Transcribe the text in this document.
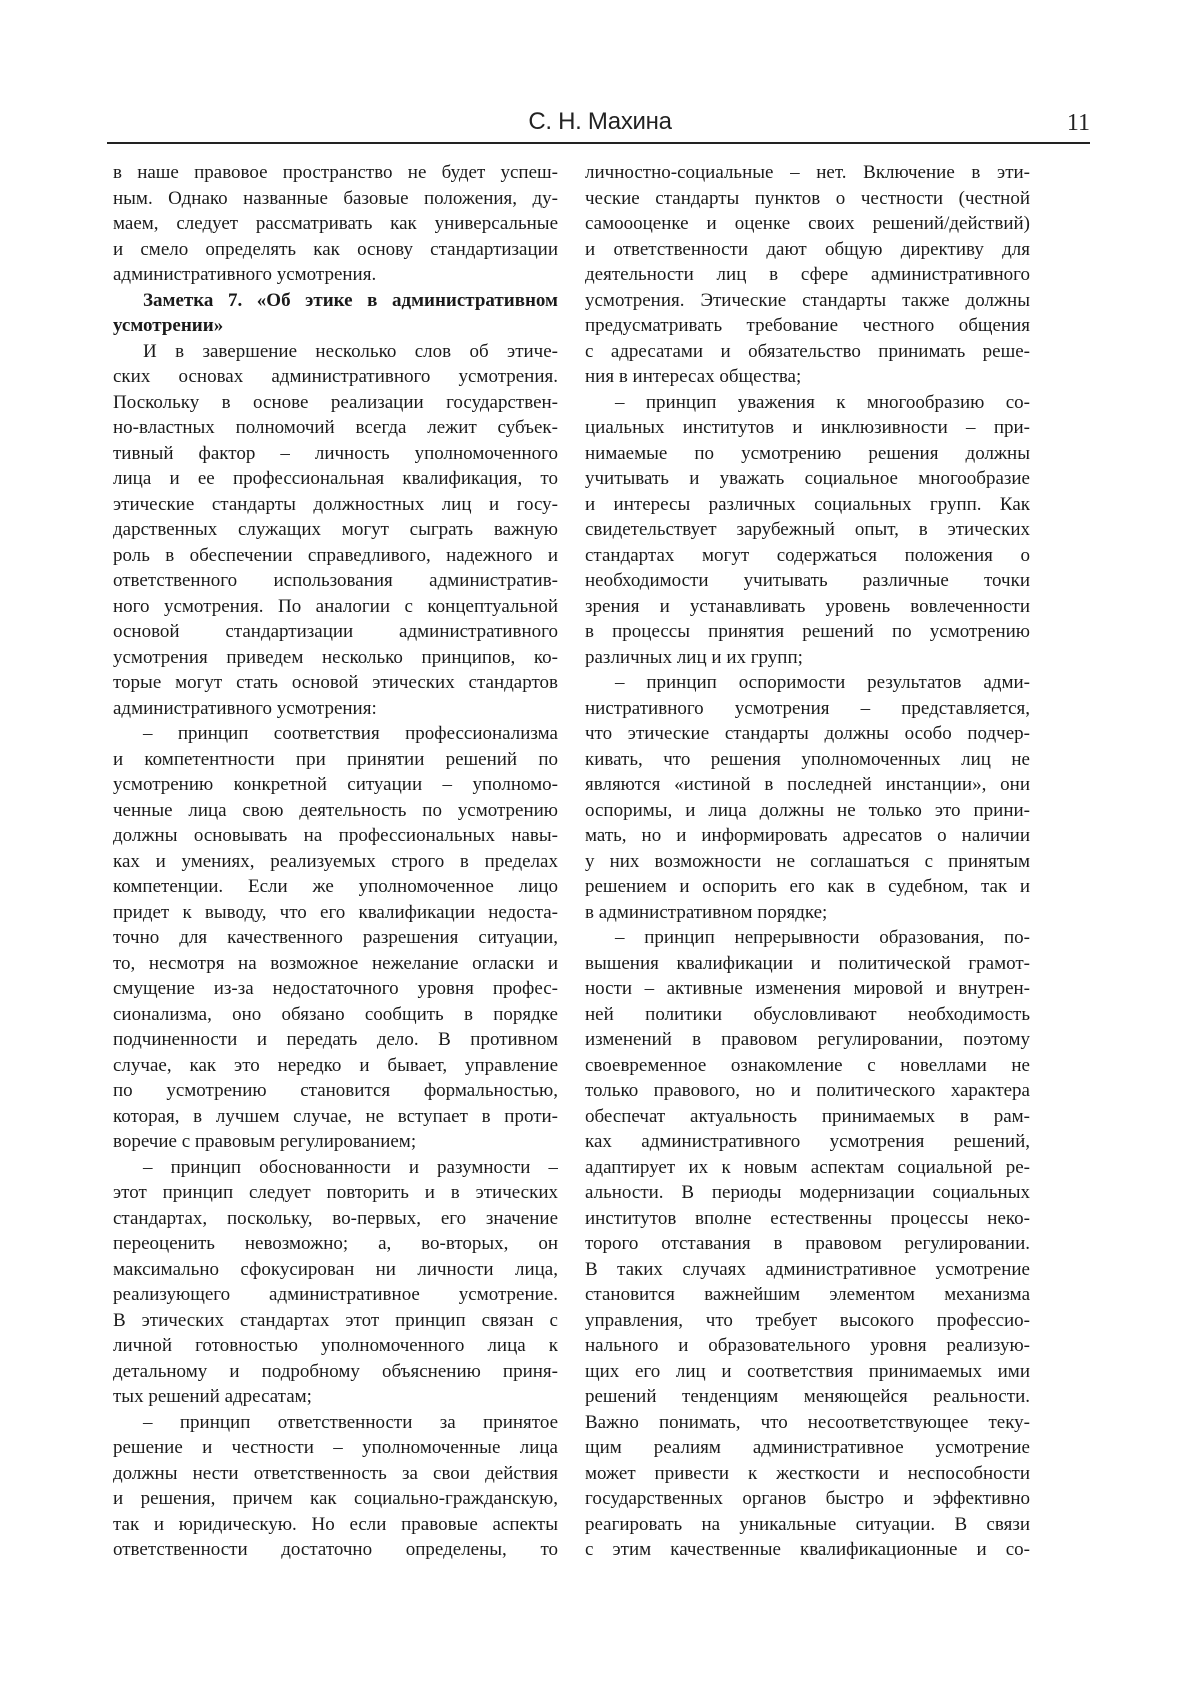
С. Н. Махина	11
в наше правовое пространство не будет успеш-
ным. Однако названные базовые положения, ду-
маем, следует рассматривать как универсальные
и смело определять как основу стандартизации
административного усмотрения.
Заметка 7. «Об этике в административном
усмотрении»
И в завершение несколько слов об этиче-
ских основах административного усмотрения.
Поскольку в основе реализации государствен-
но-властных полномочий всегда лежит субъек-
тивный фактор – личность уполномоченного
лица и ее профессиональная квалификация, то
этические стандарты должностных лиц и госу-
дарственных служащих могут сыграть важную
роль в обеспечении справедливого, надежного и
ответственного использования административ-
ного усмотрения. По аналогии с концептуальной
основой стандартизации административного
усмотрения приведем несколько принципов, ко-
торые могут стать основой этических стандартов
административного усмотрения:
– принцип соответствия профессионализма
и компетентности при принятии решений по
усмотрению конкретной ситуации – уполномо-
ченные лица свою деятельность по усмотрению
должны основывать на профессиональных навы-
ках и умениях, реализуемых строго в пределах
компетенции. Если же уполномоченное лицо
придет к выводу, что его квалификации недоста-
точно для качественного разрешения ситуации,
то, несмотря на возможное нежелание огласки и
смущение из-за недостаточного уровня профес-
сионализма, оно обязано сообщить в порядке
подчиненности и передать дело. В противном
случае, как это нередко и бывает, управление
по усмотрению становится формальностью,
которая, в лучшем случае, не вступает в проти-
воречие с правовым регулированием;
– принцип обоснованности и разумности –
этот принцип следует повторить и в этических
стандартах, поскольку, во-первых, его значение
переоценить невозможно; а, во-вторых, он
максимально сфокусирован ни личности лица,
реализующего административное усмотрение.
В этических стандартах этот принцип связан с
личной готовностью уполномоченного лица к
детальному и подробному объяснению приня-
тых решений адресатам;
– принцип ответственности за принятое
решение и честности – уполномоченные лица
должны нести ответственность за свои действия
и решения, причем как социально-гражданскую,
так и юридическую. Но если правовые аспекты
ответственности достаточно определены, то
личностно-социальные – нет. Включение в эти-
ческие стандарты пунктов о честности (честной
самоооценке и оценке своих решений/действий)
и ответственности дают общую директиву для
деятельности лиц в сфере административного
усмотрения. Этические стандарты также должны
предусматривать требование честного общения
с адресатами и обязательство принимать реше-
ния в интересах общества;
– принцип уважения к многообразию со-
циальных институтов и инклюзивности – при-
нимаемые по усмотрению решения должны
учитывать и уважать социальное многообразие
и интересы различных социальных групп. Как
свидетельствует зарубежный опыт, в этических
стандартах могут содержаться положения о
необходимости учитывать различные точки
зрения и устанавливать уровень вовлеченности
в процессы принятия решений по усмотрению
различных лиц и их групп;
– принцип оспоримости результатов адми-
нистративного усмотрения – представляется,
что этические стандарты должны особо подчер-
кивать, что решения уполномоченных лиц не
являются «истиной в последней инстанции», они
оспоримы, и лица должны не только это прини-
мать, но и информировать адресатов о наличии
у них возможности не соглашаться с принятым
решением и оспорить его как в судебном, так и
в административном порядке;
– принцип непрерывности образования, по-
вышения квалификации и политической грамот-
ности – активные изменения мировой и внутрен-
ней политики обусловливают необходимость
изменений в правовом регулировании, поэтому
своевременное ознакомление с новеллами не
только правового, но и политического характера
обеспечат актуальность принимаемых в рам-
ках административного усмотрения решений,
адаптирует их к новым аспектам социальной ре-
альности. В периоды модернизации социальных
институтов вполне естественны процессы неко-
торого отставания в правовом регулировании.
В таких случаях административное усмотрение
становится важнейшим элементом механизма
управления, что требует высокого профессио-
нального и образовательного уровня реализую-
щих его лиц и соответствия принимаемых ими
решений тенденциям меняющейся реальности.
Важно понимать, что несоответствующее теку-
щим реалиям административное усмотрение
может привести к жесткости и неспособности
государственных органов быстро и эффективно
реагировать на уникальные ситуации. В связи
с этим качественные квалификационные и со-
